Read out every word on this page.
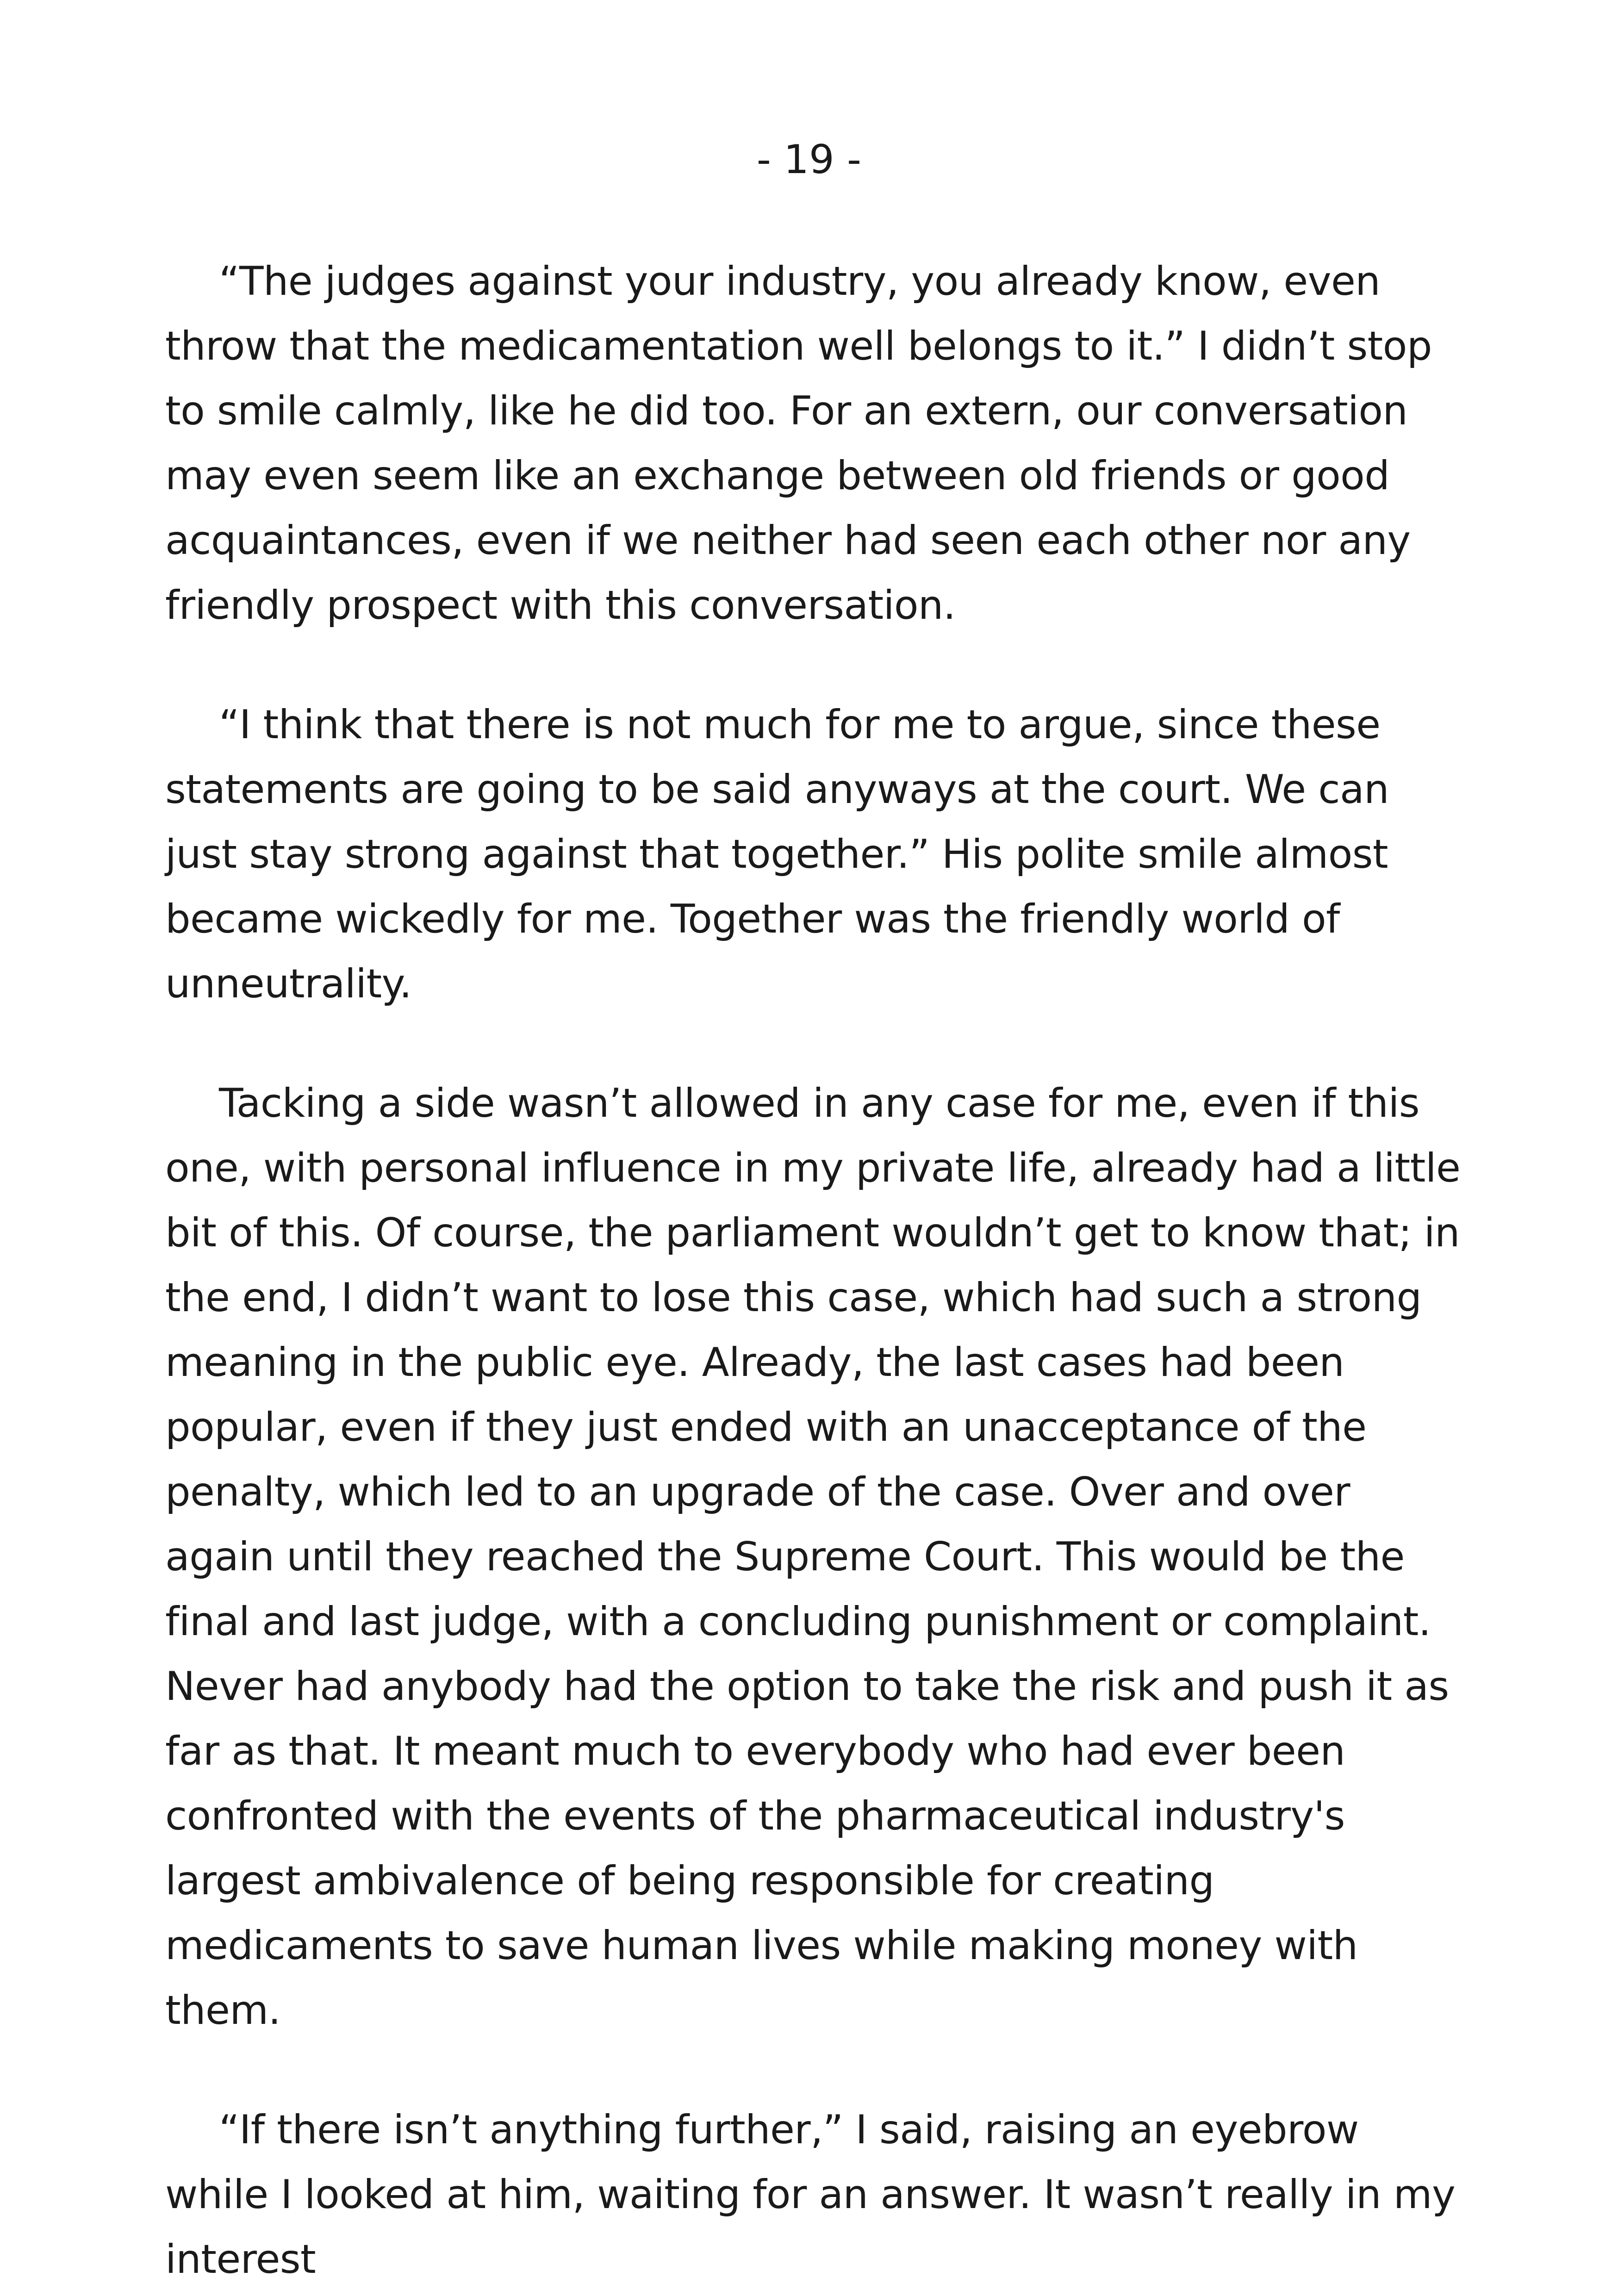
- 19 -

“The judges against your industry, you already know, even throw that the medicamentation well belongs to it.” I didn’t stop to smile calmly, like he did too. For an extern, our conversation may even seem like an exchange between old friends or good acquaintances, even if we neither had seen each other nor any friendly prospect with this conversation.

“I think that there is not much for me to argue, since these statements are going to be said anyways at the court. We can just stay strong against that together.” His polite smile almost became wickedly for me. Together was the friendly world of unneutrality.

Tacking a side wasn’t allowed in any case for me, even if this one, with personal influence in my private life, already had a little bit of this. Of course, the parliament wouldn’t get to know that; in the end, I didn’t want to lose this case, which had such a strong meaning in the public eye. Already, the last cases had been popular, even if they just ended with an unacceptance of the penalty, which led to an upgrade of the case. Over and over again until they reached the Supreme Court. This would be the final and last judge, with a concluding punishment or complaint. Never had anybody had the option to take the risk and push it as far as that. It meant much to everybody who had ever been confronted with the events of the pharmaceutical industry's largest ambivalence of being responsible for creating medicaments to save human lives while making money with them.

“If there isn’t anything further,” I said, raising an eyebrow while I looked at him, waiting for an answer. It wasn’t really in my interest
